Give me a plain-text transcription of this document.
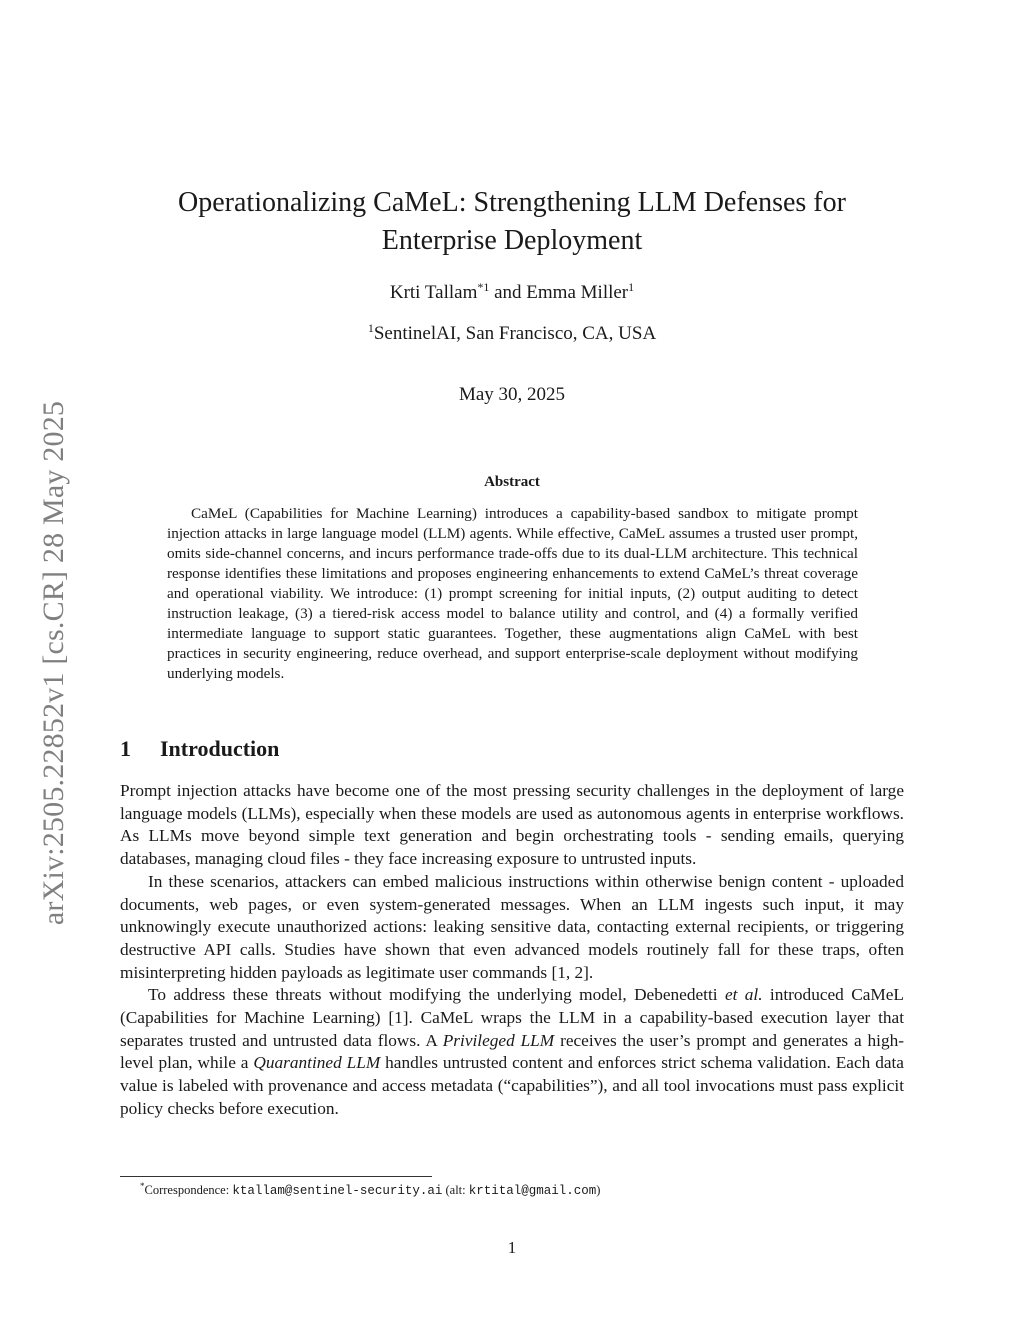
arXiv:2505.22852v1 [cs.CR] 28 May 2025
Operationalizing CaMeL: Strengthening LLM Defenses for
Enterprise Deployment
Krti Tallam$^{*1}$ and Emma Miller$^1$
$^1$SentinelAI, San Francisco, CA, USA
May 30, 2025
Abstract

CaMeL (Capabilities for Machine Learning) introduces a capability-based sandbox to mitigate prompt injection attacks in large language model (LLM) agents. While effective, CaMeL assumes a trusted user prompt, omits side-channel concerns, and incurs performance trade-offs due to its dual-LLM architecture. This technical response identifies these limitations and proposes engineering enhancements to extend CaMeL’s threat coverage and operational viability. We introduce: (1) prompt screening for initial inputs, (2) output auditing to detect instruction leakage, (3) a tiered-risk access model to balance utility and control, and (4) a formally verified intermediate language to support static guarantees. Together, these augmentations align CaMeL with best practices in security engineering, reduce overhead, and support enterprise-scale deployment without modifying underlying models.

1 Introduction

Prompt injection attacks have become one of the most pressing security challenges in the deployment of large language models (LLMs), especially when these models are used as autonomous agents in enterprise workflows. As LLMs move beyond simple text generation and begin orchestrating tools - sending emails, querying databases, managing cloud files - they face increasing exposure to untrusted inputs.

In these scenarios, attackers can embed malicious instructions within otherwise benign content - uploaded documents, web pages, or even system-generated messages. When an LLM ingests such input, it may unknowingly execute unauthorized actions: leaking sensitive data, contacting external recipients, or triggering destructive API calls. Studies have shown that even advanced models routinely fall for these traps, often misinterpreting hidden payloads as legitimate user commands [1, 2].

To address these threats without modifying the underlying model, Debenedetti et al. introduced CaMeL (Capabilities for Machine Learning) [1]. CaMeL wraps the LLM in a capability-based execution layer that separates trusted and untrusted data flows. A Privileged LLM receives the user’s prompt and generates a high-level plan, while a Quarantined LLM handles untrusted content and enforces strict schema validation. Each data value is labeled with provenance and access metadata (“capabilities”), and all tool invocations must pass explicit policy checks before execution.

*Correspondence: ktallam@sentinel-security.ai (alt: krtital@gmail.com)
1
